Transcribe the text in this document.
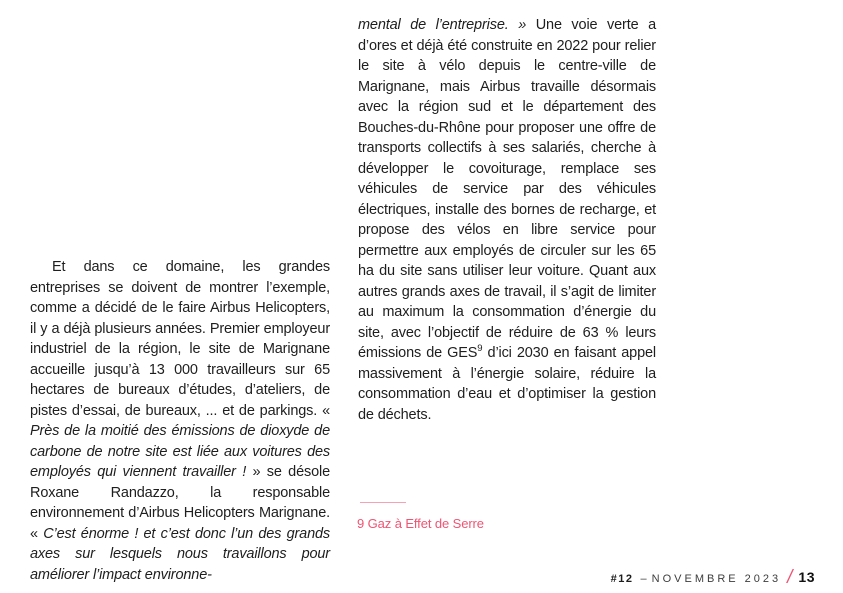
Et dans ce domaine, les grandes entreprises se doivent de montrer l’exemple, comme a décidé de le faire Airbus Helicopters, il y a déjà plusieurs années. Premier employeur industriel de la région, le site de Marignane accueille jusqu’à 13 000 travailleurs sur 65 hectares de bureaux d’études, d’ateliers, de pistes d’essai, de bureaux, ... et de parkings. « Près de la moitié des émissions de dioxyde de carbone de notre site est liée aux voitures des employés qui viennent travailler ! » se désole Roxane Randazzo, la responsable environnement d’Airbus Helicopters Marignane. « C’est énorme ! et c’est donc l’un des grands axes sur lesquels nous travaillons pour améliorer l’impact environne-

mental de l’entreprise. » Une voie verte a d’ores et déjà été construite en 2022 pour relier le site à vélo depuis le centre-ville de Marignane, mais Airbus travaille désormais avec la région sud et le département des Bouches-du-Rhône pour proposer une offre de transports collectifs à ses salariés, cherche à développer le covoiturage, remplace ses véhicules de service par des véhicules électriques, installe des bornes de recharge, et propose des vélos en libre service pour permettre aux employés de circuler sur les 65 ha du site sans utiliser leur voiture. Quant aux autres grands axes de travail, il s’agit de limiter au maximum la consommation d’énergie du site, avec l’objectif de réduire de 63 % leurs émissions de GES$^9$ d’ici 2030 en faisant appel massivement à l’énergie solaire, réduire la consommation d’eau et d’optimiser la gestion de déchets.

9 Gaz à Effet de Serre
#12 – NOVEMBRE 2023 / 13
